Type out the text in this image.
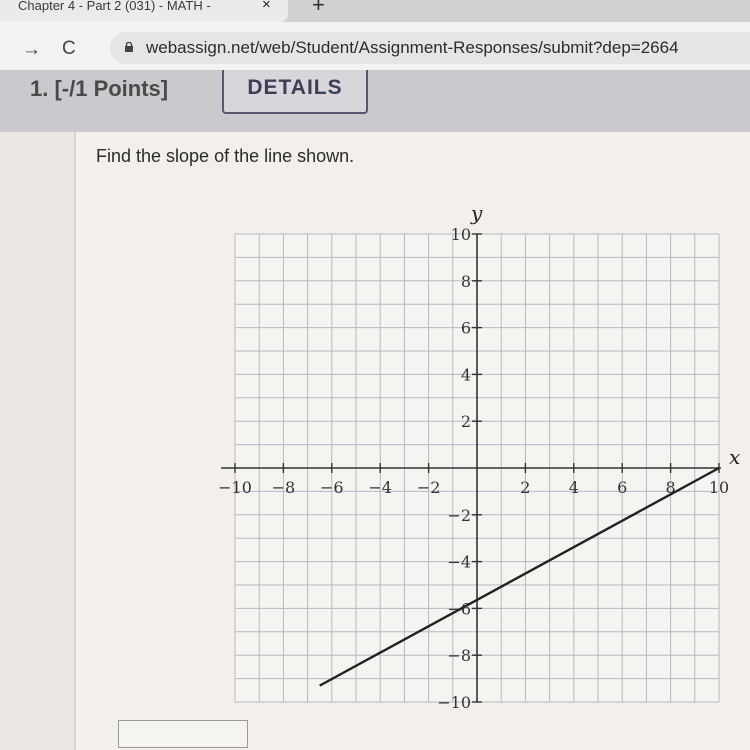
Chapter 4 - Part 2 (031) - MATH -	× +
→ C	webassign.net/web/Student/Assignment-Responses/submit?dep=2664
1. [-/1 Points]	DETAILS
Find the slope of the line shown.
x
y
−10 −8 −6 −4 −2	2 4 6 8 10
10
8
6
4
2
−2
−4
−6
−8
−10
